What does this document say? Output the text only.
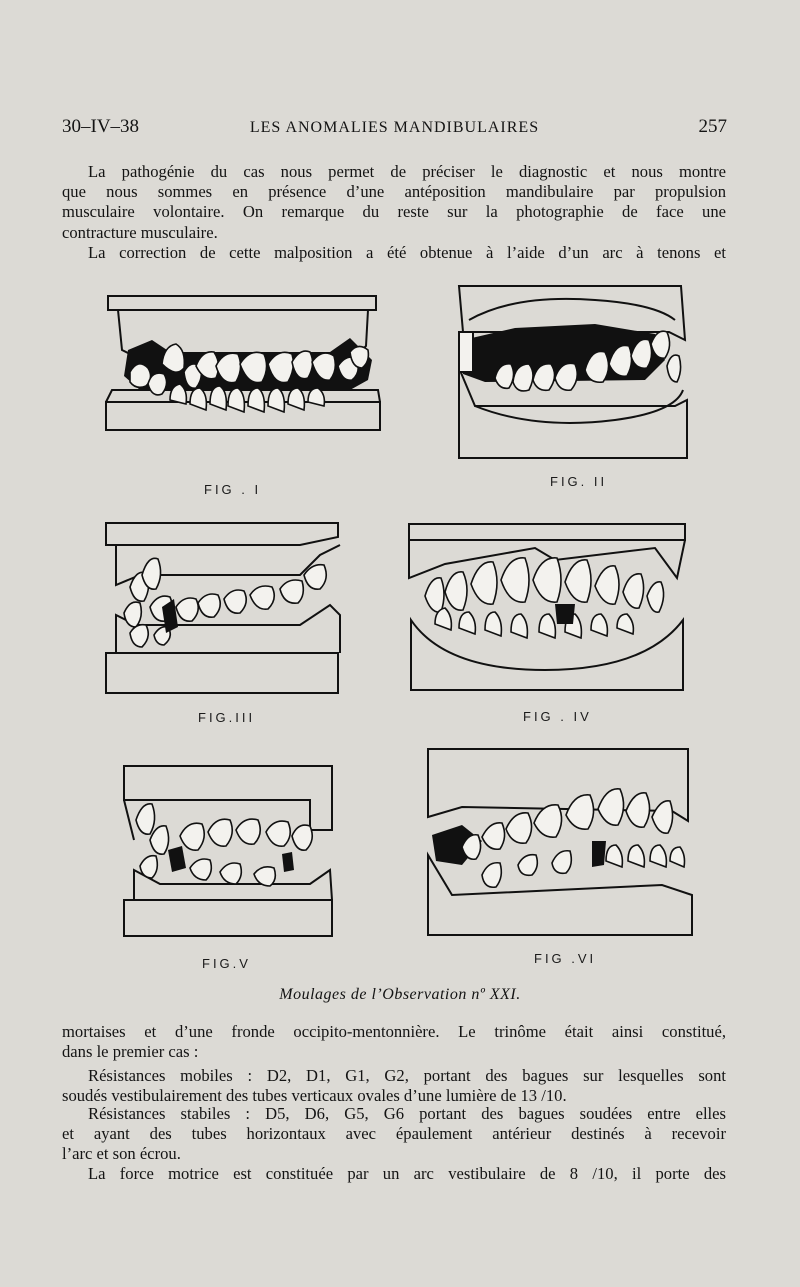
30–IV–38	LES ANOMALIES MANDIBULAIRES	257
La pathogénie du cas nous permet de préciser le diagnostic et nous montre
que nous sommes en présence d’une antéposition mandibulaire par propulsion
musculaire volontaire. On remarque du reste sur la photographie de face une
contracture musculaire.
La correction de cette malposition a été obtenue à l’aide d’un arc à tenons et
FIG . I
FIG. II
FIG.III	FIG . IV
FIG.V	FIG .VI
Moulages de l’Observation nº XXI.
mortaises et d’une fronde occipito-mentonnière. Le trinôme était ainsi constitué,
dans le premier cas :
Résistances mobiles : D2, D1, G1, G2, portant des bagues sur lesquelles sont
soudés vestibulairement des tubes verticaux ovales d’une lumière de 13 /10.
Résistances stabiles : D5, D6, G5, G6 portant des bagues soudées entre elles
et ayant des tubes horizontaux avec épaulement antérieur destinés à recevoir
l’arc et son écrou.
La force motrice est constituée par un arc vestibulaire de 8 /10, il porte des
